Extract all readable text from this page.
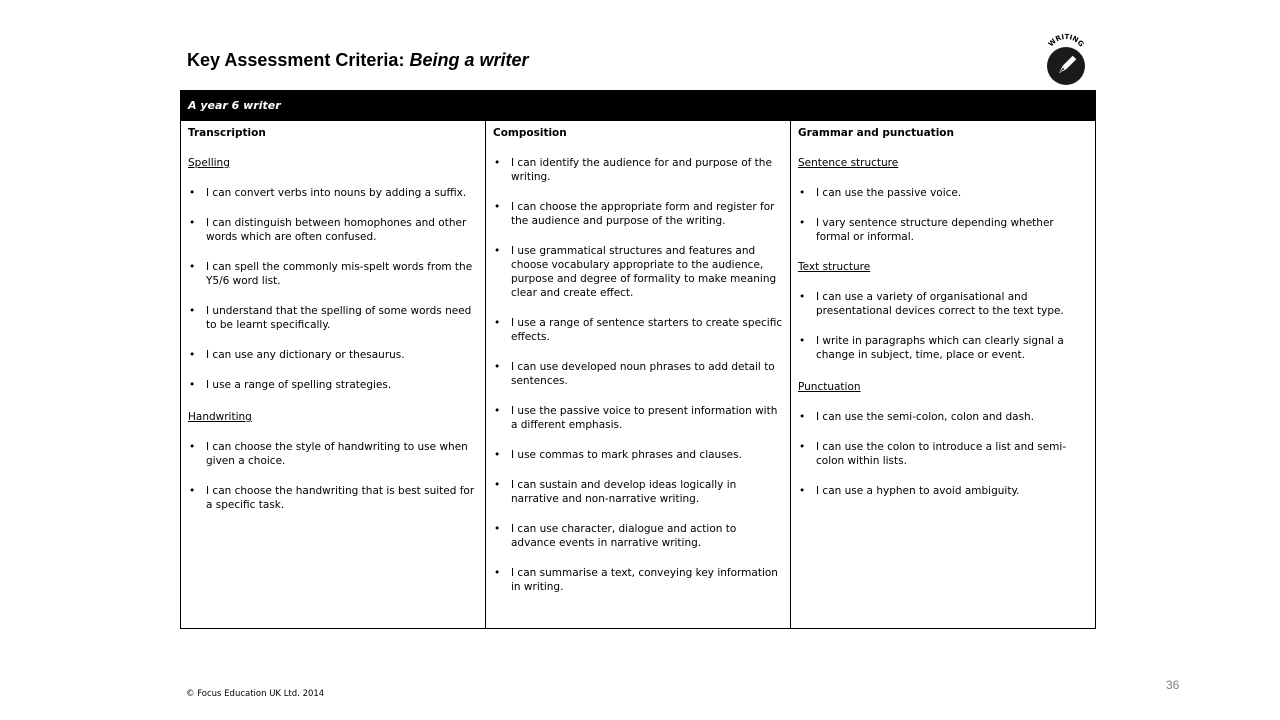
Key Assessment Criteria: Being a writer
WRITING
A year 6 writer
Transcription
Spelling
• I can convert verbs into nouns by adding a suffix.
• I can distinguish between homophones and other words which are often confused.
• I can spell the commonly mis-spelt words from the Y5/6 word list.
• I understand that the spelling of some words need to be learnt specifically.
• I can use any dictionary or thesaurus.
• I use a range of spelling strategies.
Handwriting
• I can choose the style of handwriting to use when given a choice.
• I can choose the handwriting that is best suited for a specific task.
Composition
• I can identify the audience for and purpose of the writing.
• I can choose the appropriate form and register for the audience and purpose of the writing.
• I use grammatical structures and features and choose vocabulary appropriate to the audience, purpose and degree of formality to make meaning clear and create effect.
• I use a range of sentence starters to create specific effects.
• I can use developed noun phrases to add detail to sentences.
• I use the passive voice to present information with a different emphasis.
• I use commas to mark phrases and clauses.
• I can sustain and develop ideas logically in narrative and non-narrative writing.
• I can use character, dialogue and action to advance events in narrative writing.
• I can summarise a text, conveying key information in writing.
Grammar and punctuation
Sentence structure
• I can use the passive voice.
• I vary sentence structure depending whether formal or informal.
Text structure
• I can use a variety of organisational and presentational devices correct to the text type.
• I write in paragraphs which can clearly signal a change in subject, time, place or event.
Punctuation
• I can use the semi-colon, colon and dash.
• I can use the colon to introduce a list and semi-colon within lists.
• I can use a hyphen to avoid ambiguity.
© Focus Education UK Ltd. 2014
36
